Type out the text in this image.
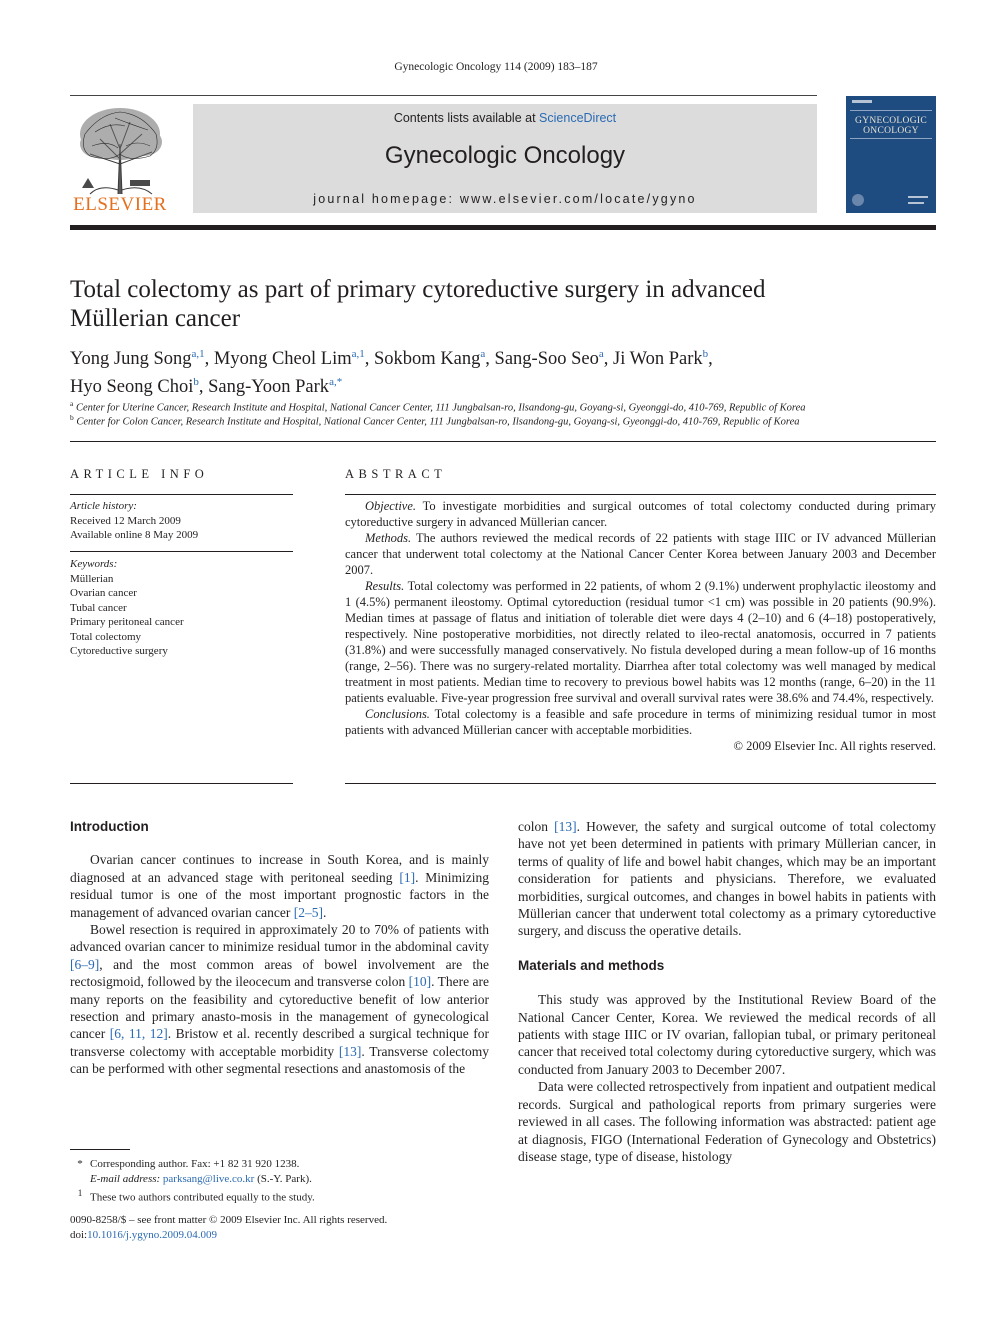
Gynecologic Oncology 114 (2009) 183–187
ELSEVIER
Contents lists available at ScienceDirect
Gynecologic Oncology
journal homepage: www.elsevier.com/locate/ygyno
GYNECOLOGIC
ONCOLOGY
Total colectomy as part of primary cytoreductive surgery in advanced
Müllerian cancer
Yong Jung Song$^{a,1}$, Myong Cheol Lim$^{a,1}$, Sokbom Kang$^a$, Sang-Soo Seo$^a$, Ji Won Park$^b$,
Hyo Seong Choi$^b$, Sang-Yoon Park$^{a,*}$
$^a$ Center for Uterine Cancer, Research Institute and Hospital, National Cancer Center, 111 Jungbalsan-ro, Ilsandong-gu, Goyang-si, Gyeonggi-do, 410-769, Republic of Korea
$^b$ Center for Colon Cancer, Research Institute and Hospital, National Cancer Center, 111 Jungbalsan-ro, Ilsandong-gu, Goyang-si, Gyeonggi-do, 410-769, Republic of Korea
ARTICLE INFO
Article history:
Received 12 March 2009
Available online 8 May 2009
Keywords:
Müllerian
Ovarian cancer
Tubal cancer
Primary peritoneal cancer
Total colectomy
Cytoreductive surgery
ABSTRACT

Objective. To investigate morbidities and surgical outcomes of total colectomy conducted during primary cytoreductive surgery in advanced Müllerian cancer.

Methods. The authors reviewed the medical records of 22 patients with stage IIIC or IV advanced Müllerian cancer that underwent total colectomy at the National Cancer Center Korea between January 2003 and December 2007.

Results. Total colectomy was performed in 22 patients, of whom 2 (9.1%) underwent prophylactic ileostomy and 1 (4.5%) permanent ileostomy. Optimal cytoreduction (residual tumor <1 cm) was possible in 20 patients (90.9%). Median times at passage of flatus and initiation of tolerable diet were days 4 (2–10) and 6 (4–18) postoperatively, respectively. Nine postoperative morbidities, not directly related to ileo-rectal anatomosis, occurred in 7 patients (31.8%) and were successfully managed conservatively. No fistula developed during a mean follow-up of 16 months (range, 2–56). There was no surgery-related mortality. Diarrhea after total colectomy was well managed by medical treatment in most patients. Median time to recovery to previous bowel habits was 12 months (range, 6–20) in the 11 patients evaluable. Five-year progression free survival and overall survival rates were 38.6% and 74.4%, respectively.

Conclusions. Total colectomy is a feasible and safe procedure in terms of minimizing residual tumor in most patients with advanced Müllerian cancer with acceptable morbidities.

© 2009 Elsevier Inc. All rights reserved.

Introduction

Ovarian cancer continues to increase in South Korea, and is mainly diagnosed at an advanced stage with peritoneal seeding [1]. Minimizing residual tumor is one of the most important prognostic factors in the management of advanced ovarian cancer [2–5].

Bowel resection is required in approximately 20 to 70% of patients with advanced ovarian cancer to minimize residual tumor in the abdominal cavity [6–9], and the most common areas of bowel involvement are the rectosigmoid, followed by the ileocecum and transverse colon [10]. There are many reports on the feasibility and cytoreductive benefit of low anterior resection and primary anasto-mosis in the management of gynecological cancer [6, 11, 12]. Bristow et al. recently described a surgical technique for transverse colectomy with acceptable morbidity [13]. Transverse colectomy can be performed with other segmental resections and anastomosis of the

colon [13]. However, the safety and surgical outcome of total colectomy have not yet been determined in patients with primary Müllerian cancer, in terms of quality of life and bowel habit changes, which may be an important consideration for patients and physicians. Therefore, we evaluated morbidities, surgical outcomes, and changes in bowel habits in patients with Müllerian cancer that underwent total colectomy as a primary cytoreductive surgery, and discuss the operative details.

Materials and methods

This study was approved by the Institutional Review Board of the National Cancer Center, Korea. We reviewed the medical records of all patients with stage IIIC or IV ovarian, fallopian tubal, or primary peritoneal cancer that received total colectomy during cytoreductive surgery, which was conducted from January 2003 to December 2007.

Data were collected retrospectively from inpatient and outpatient medical records. Surgical and pathological reports from primary surgeries were reviewed in all cases. The following information was abstracted: patient age at diagnosis, FIGO (International Federation of Gynecology and Obstetrics) disease stage, type of disease, histology

* Corresponding author. Fax: +1 82 31 920 1238.
E-mail address: parksang@live.co.kr (S.-Y. Park).
$^1$ These two authors contributed equally to the study.
0090-8258/$ – see front matter © 2009 Elsevier Inc. All rights reserved.
doi:10.1016/j.ygyno.2009.04.009
